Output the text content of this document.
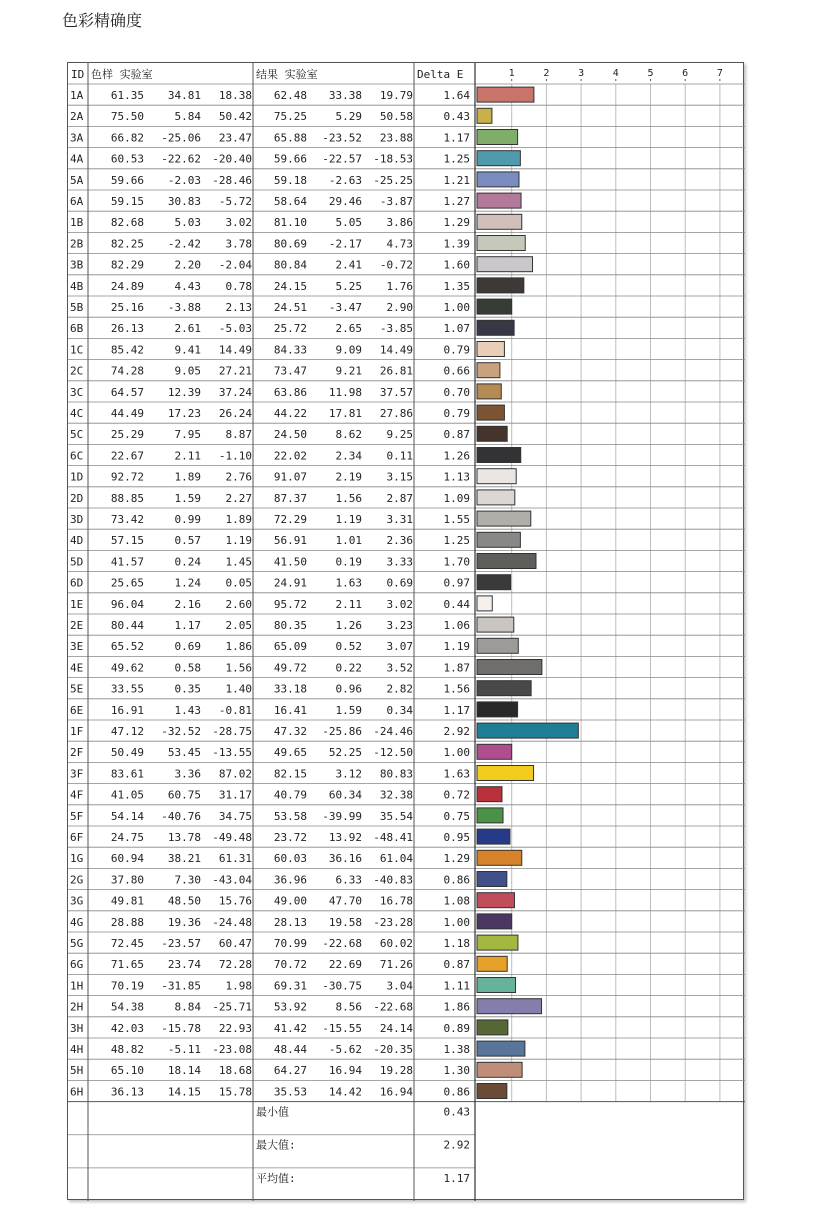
色彩精确度
ID 色样 实验室	结果 实验室	Delta E	1	2	3	4	5	6	7
1A	61.35 34.81 18.38 62.48 33.38 19.79	1.64
2A	75.50	5.84 50.42 75.25	5.29 50.58	0.43
3A	66.82 -25.06 23.47 65.88 -23.52 23.88	1.17
4A	60.53 -22.62 -20.40 59.66 -22.57 -18.53	1.25
5A	59.66 -2.03 -28.46 59.18 -2.63 -25.25	1.21
6A	59.15 30.83 -5.72 58.64 29.46 -3.87	1.27
1B	82.68	5.03 3.02 81.10	5.05 3.86	1.29
2B	82.25 -2.42 3.78 80.69 -2.17 4.73	1.39
3B	82.29	2.20 -2.04 80.84	2.41 -0.72	1.60
4B	24.89	4.43 0.78 24.15	5.25 1.76	1.35
5B	25.16 -3.88 2.13 24.51 -3.47 2.90	1.00
6B	26.13	2.61 -5.03 25.72	2.65 -3.85	1.07
1C	85.42	9.41 14.49 84.33	9.09 14.49	0.79
2C	74.28	9.05 27.21 73.47	9.21 26.81	0.66
3C	64.57 12.39 37.24 63.86 11.98 37.57	0.70
4C	44.49 17.23 26.24 44.22 17.81 27.86	0.79
5C	25.29	7.95 8.87 24.50	8.62 9.25	0.87
6C	22.67	2.11 -1.10 22.02	2.34 0.11	1.26
1D	92.72	1.89 2.76 91.07	2.19 3.15	1.13
2D	88.85	1.59 2.27 87.37	1.56 2.87	1.09
3D	73.42	0.99 1.89 72.29	1.19 3.31	1.55
4D	57.15	0.57 1.19 56.91	1.01 2.36	1.25
5D	41.57	0.24 1.45 41.50	0.19 3.33	1.70
6D	25.65	1.24 0.05 24.91	1.63 0.69	0.97
1E	96.04	2.16 2.60 95.72	2.11 3.02	0.44
2E	80.44	1.17 2.05 80.35	1.26 3.23	1.06
3E	65.52	0.69 1.86 65.09	0.52 3.07	1.19
4E	49.62	0.58 1.56 49.72	0.22 3.52	1.87
5E	33.55	0.35 1.40 33.18	0.96 2.82	1.56
6E	16.91	1.43 -0.81 16.41	1.59 0.34	1.17
1F	47.12 -32.52 -28.75 47.32 -25.86 -24.46	2.92
2F	50.49 53.45 -13.55 49.65 52.25 -12.50	1.00
3F	83.61	3.36 87.02 82.15	3.12 80.83	1.63
4F	41.05 60.75 31.17 40.79 60.34 32.38	0.72
5F	54.14 -40.76 34.75 53.58 -39.99 35.54	0.75
6F	24.75 13.78 -49.48 23.72 13.92 -48.41	0.95
1G	60.94 38.21 61.31 60.03 36.16 61.04	1.29
2G	37.80	7.30 -43.04 36.96	6.33 -40.83	0.86
3G	49.81 48.50 15.76 49.00 47.70 16.78	1.08
4G	28.88 19.36 -24.48 28.13 19.58 -23.28	1.00
5G	72.45 -23.57 60.47 70.99 -22.68 60.02	1.18
6G	71.65 23.74 72.28 70.72 22.69 71.26	0.87
1H	70.19 -31.85 1.98 69.31 -30.75 3.04	1.11
2H	54.38	8.84 -25.71 53.92	8.56 -22.68	1.86
3H	42.03 -15.78 22.93 41.42 -15.55 24.14	0.89
4H	48.82 -5.11 -23.08 48.44 -5.62 -20.35	1.38
5H	65.10 18.14 18.68 64.27 16.94 19.28	1.30
6H	36.13 14.15 15.78 35.53 14.42 16.94	0.86
最小值	0.43
最大值:	2.92
平均值:	1.17
